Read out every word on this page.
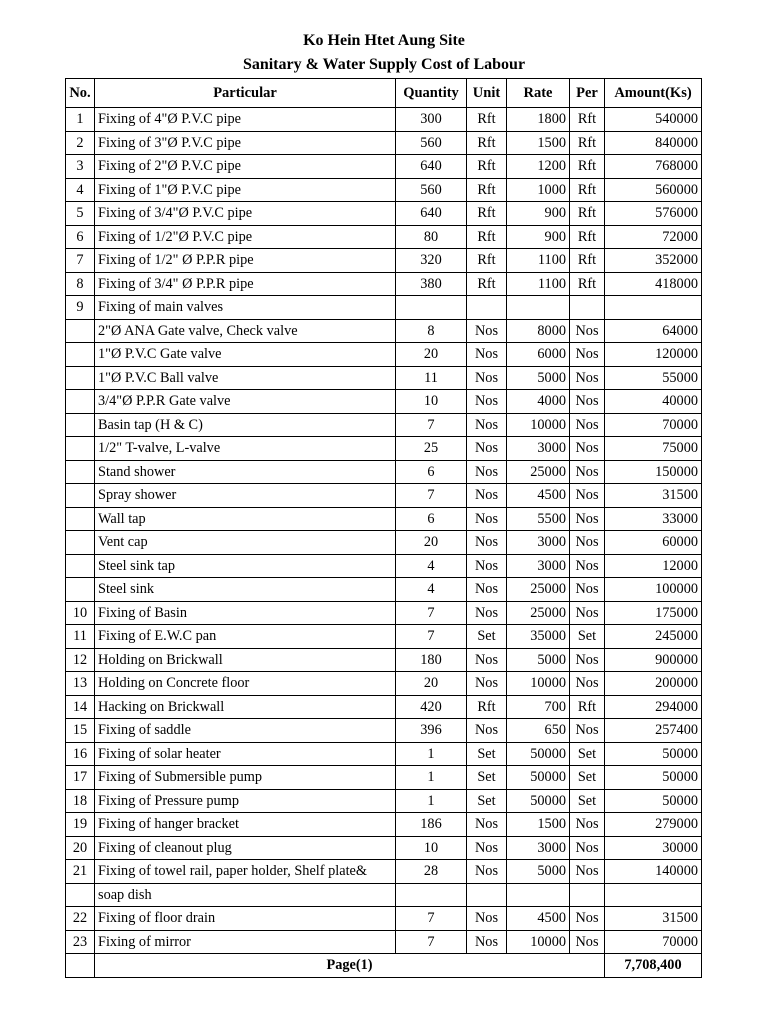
Ko Hein Htet Aung Site
Sanitary & Water Supply Cost of Labour
No.	Particular	Quantity	Unit	Rate	Per	Amount(Ks)
1	Fixing of 4"Ø P.V.C pipe	300	Rft	1800	Rft	540000
2	Fixing of 3"Ø P.V.C pipe	560	Rft	1500	Rft	840000
3	Fixing of 2"Ø P.V.C pipe	640	Rft	1200	Rft	768000
4	Fixing of 1"Ø P.V.C pipe	560	Rft	1000	Rft	560000
5	Fixing of 3/4"Ø P.V.C pipe	640	Rft	900	Rft	576000
6	Fixing of 1/2"Ø P.V.C pipe	80	Rft	900	Rft	72000
7	Fixing of 1/2" Ø P.P.R pipe	320	Rft	1100	Rft	352000
8	Fixing of 3/4" Ø P.P.R pipe	380	Rft	1100	Rft	418000
9	Fixing of main valves					
	2"Ø ANA Gate valve, Check valve	8	Nos	8000	Nos	64000
	1"Ø P.V.C Gate valve	20	Nos	6000	Nos	120000
	1"Ø P.V.C Ball valve	11	Nos	5000	Nos	55000
	3/4"Ø P.P.R Gate valve	10	Nos	4000	Nos	40000
	Basin tap (H & C)	7	Nos	10000	Nos	70000
	1/2" T-valve, L-valve	25	Nos	3000	Nos	75000
	Stand shower	6	Nos	25000	Nos	150000
	Spray shower	7	Nos	4500	Nos	31500
	Wall tap	6	Nos	5500	Nos	33000
	Vent cap	20	Nos	3000	Nos	60000
	Steel sink tap	4	Nos	3000	Nos	12000
	Steel sink	4	Nos	25000	Nos	100000
10	Fixing of Basin	7	Nos	25000	Nos	175000
11	Fixing of E.W.C pan	7	Set	35000	Set	245000
12	Holding on Brickwall	180	Nos	5000	Nos	900000
13	Holding on Concrete floor	20	Nos	10000	Nos	200000
14	Hacking on Brickwall	420	Rft	700	Rft	294000
15	Fixing of saddle	396	Nos	650	Nos	257400
16	Fixing of solar heater	1	Set	50000	Set	50000
17	Fixing of Submersible pump	1	Set	50000	Set	50000
18	Fixing of Pressure pump	1	Set	50000	Set	50000
19	Fixing of hanger bracket	186	Nos	1500	Nos	279000
20	Fixing of cleanout plug	10	Nos	3000	Nos	30000
21	Fixing of towel rail, paper holder, Shelf plate&	28	Nos	5000	Nos	140000
	soap dish					
22	Fixing of floor drain	7	Nos	4500	Nos	31500
23	Fixing of mirror	7	Nos	10000	Nos	70000
	Page(1)					7,708,400
